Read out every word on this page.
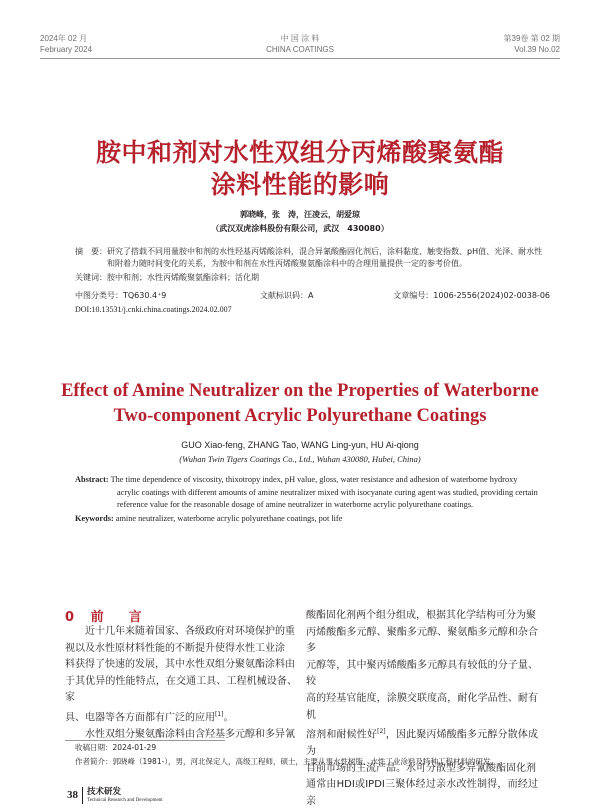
2024年 02 月
February 2024
中 国 涂 料
CHINA COATINGS
第39卷 第 02 期
Vol.39 No.02
胺中和剂对水性双组分丙烯酸聚氨酯
涂料性能的影响
郭晓峰，张　涛，汪凌云，胡爱琼
（武汉双虎涂料股份有限公司，武汉　430080）
摘　要：研究了搭载不同用量胺中和剂的水性羟基丙烯酸涂料，混合异氰酸酯固化剂后，涂料黏度、触变指数、pH值、光泽、耐水性
和附着力随时间变化的关系，为胺中和剂在水性丙烯酸聚氨酯涂料中的合理用量提供一定的参考价值。
关键词：胺中和剂；水性丙烯酸聚氨酯涂料；活化期
中图分类号：TQ630.4⁺9	文献标识码：A	文章编号：1006-2556(2024)02-0038-06
DOI:10.13531/j.cnki.china.coatings.2024.02.007
Effect of Amine Neutralizer on the Properties of Waterborne
Two-component Acrylic Polyurethane Coatings
GUO Xiao-feng, ZHANG Tao, WANG Ling-yun, HU Ai-qiong
(Wuhan Twin Tigers Coatings Co., Ltd., Wuhan 430080, Hubei, China)
Abstract: The time dependence of viscosity, thixotropy index, pH value, gloss, water resistance and adhesion of waterborne hydroxy
acrylic coatings with different amounts of amine neutralizer mixed with isocyanate curing agent was studied, providing certain
reference value for the reasonable dosage of amine neutralizer in waterborne acrylic polyurethane coatings.
Keywords: amine neutralizer, waterborne acrylic polyurethane coatings, pot life
0 前　言

近十几年来随着国家、各级政府对环境保护的重

视以及水性原材料性能的不断提升使得水性工业涂

料获得了快速的发展，其中水性双组分聚氨酯涂料由

于其优异的性能特点，在交通工具、工程机械设备、家

具、电器等各方面都有广泛的应用[1]。

水性双组分聚氨酯涂料由含羟基多元醇和多异氰

酸酯固化剂两个组分组成，根据其化学结构可分为聚

丙烯酸酯多元醇、聚酯多元醇、聚氨酯多元醇和杂合多

元醇等，其中聚丙烯酸酯多元醇具有较低的分子量、较

高的羟基官能度，涂膜交联度高，耐化学品性、耐有机

溶剂和耐候性好[2]，因此聚丙烯酸酯多元醇分散体成为

目前市场的主流产品。水可分散型多异氰酸酯固化剂

通常由HDI或IPDI三聚体经过亲水改性制得，而经过亲

收稿日期：2024-01-29
作者简介：郭晓峰（1981-），男，河北保定人，高级工程师，硕士，主要从事水性树脂、水性工业涂料及特种工程材料的研发。
38 技术研发
Technical Research and Development
